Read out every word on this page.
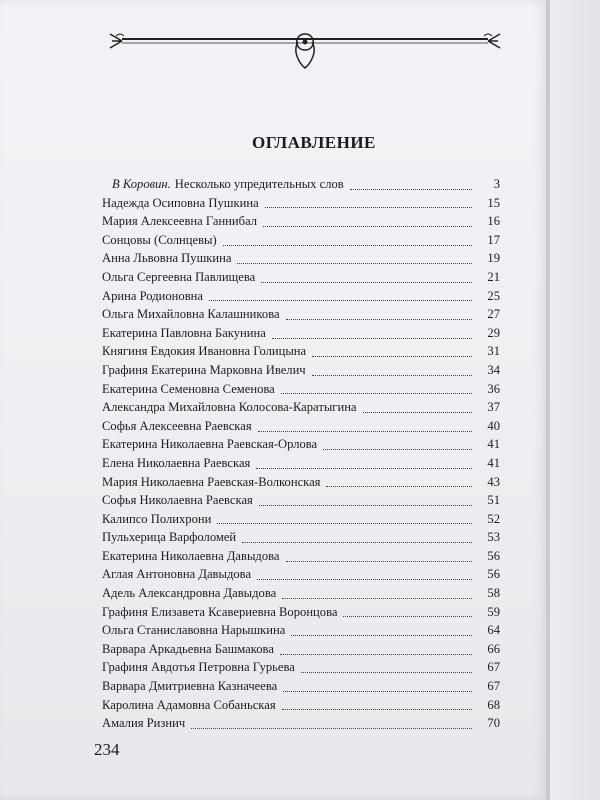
ОГЛАВЛЕНИЕ
В Коровин. Несколько упредительных слов	3
Надежда Осиповна Пушкина	15
Мария Алексеевна Ганнибал	16
Сонцовы (Солнцевы)	17
Анна Львовна Пушкина	19
Ольга Сергеевна Павлищева	21
Арина Родионовна	25
Ольга Михайловна Калашникова	27
Екатерина Павловна Бакунина	29
Княгиня Евдокия Ивановна Голицына	31
Графиня Екатерина Марковна Ивелич	34
Екатерина Семеновна Семенова	36
Александра Михайловна Колосова-Каратыгина	37
Софья Алексеевна Раевская	40
Екатерина Николаевна Раевская-Орлова	41
Елена Николаевна Раевская	41
Мария Николаевна Раевская-Волконская	43
Софья Николаевна Раевская	51
Калипсо Полихрони	52
Пульхерица Варфоломей	53
Екатерина Николаевна Давыдова	56
Аглая Антоновна Давыдова	56
Адель Александровна Давыдова	58
Графиня Елизавета Ксавериевна Воронцова	59
Ольга Станиславовна Нарышкина	64
Варвара Аркадьевна Башмакова	66
Графиня Авдотья Петровна Гурьева	67
Варвара Дмитриевна Казначеева	67
Каролина Адамовна Собаньская	68
Амалия Ризнич	70
234
